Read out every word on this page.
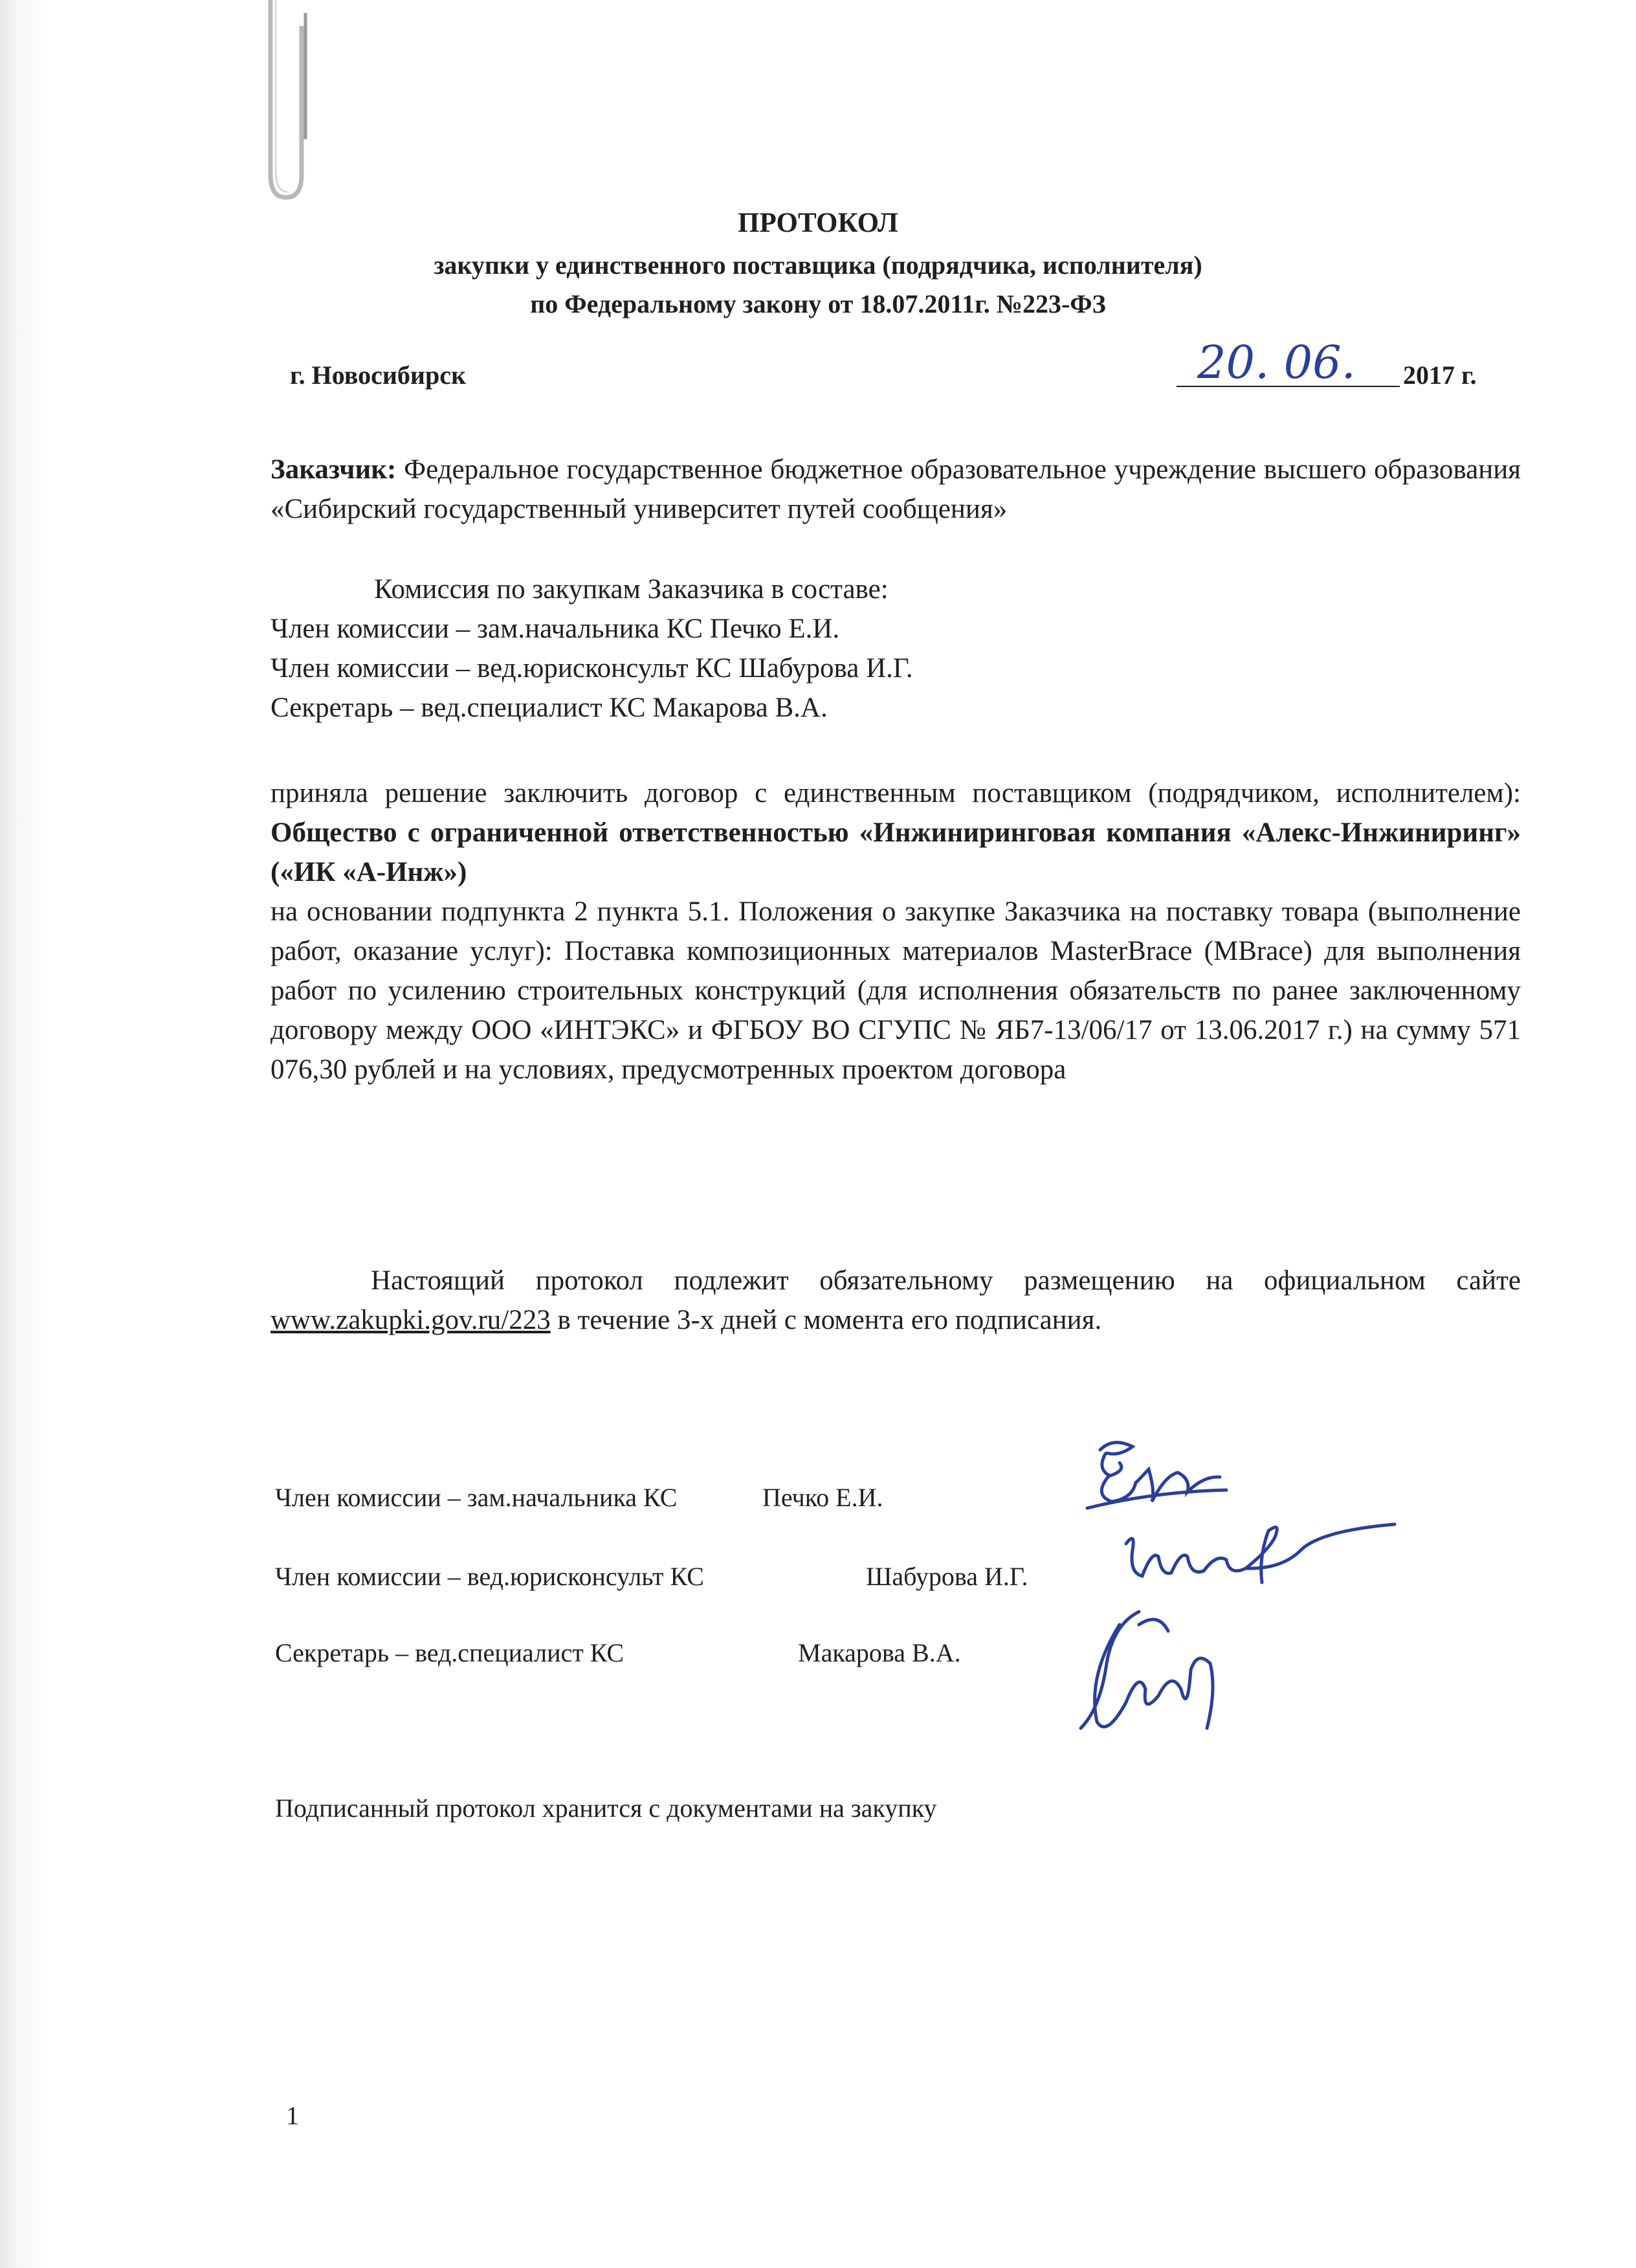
ПРОТОКОЛ
закупки у единственного поставщика (подрядчика, исполнителя)
по Федеральному закону от 18.07.2011г. №223-ФЗ
г. Новосибирск	20. 06. 2017 г.

Заказчик: Федеральное государственное бюджетное образовательное учреждение высшего образования «Сибирский государственный университет путей сообщения»

Комиссия по закупкам Заказчика в составе:
Член комиссии – зам.начальника КС Печко Е.И.
Член комиссии – вед.юрисконсульт КС Шабурова И.Г.
Секретарь – вед.специалист КС Макарова В.А.

приняла решение заключить договор с единственным поставщиком (подрядчиком, исполнителем): Общество с ограниченной ответственностью «Инжиниринговая компания «Алекс-Инжиниринг» («ИК «А-Инж»)

на основании подпункта 2 пункта 5.1. Положения о закупке Заказчика на поставку товара (выполнение работ, оказание услуг): Поставка композиционных материалов MasterBrace (MBrace) для выполнения работ по усилению строительных конструкций (для исполнения обязательств по ранее заключенному договору между ООО «ИНТЭКС» и ФГБОУ ВО СГУПС № ЯБ7-13/06/17 от 13.06.2017 г.) на сумму 571 076,30 рублей и на условиях, предусмотренных проектом договора

Настоящий протокол подлежит обязательному размещению на официальном сайте www.zakupki.gov.ru/223 в течение 3-х дней с момента его подписания.

Член комиссии – зам.начальника КС	Печко Е.И.
Член комиссии – вед.юрисконсульт КС	Шабурова И.Г.
Секретарь – вед.специалист КС	Макарова В.А.
Подписанный протокол хранится с документами на закупку
1
